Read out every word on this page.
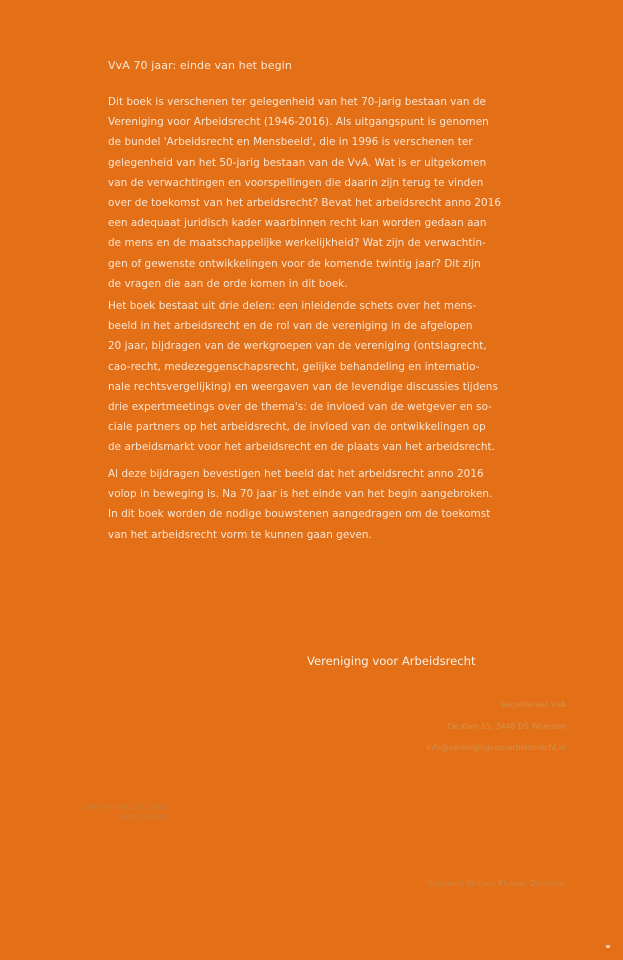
VvA 70 jaar: einde van het begin

Dit boek is verschenen ter gelegenheid van het 70-jarig bestaan van de
Vereniging voor Arbeidsrecht (1946-2016). Als uitgangspunt is genomen
de bundel 'Arbeidsrecht en Mensbeeld', die in 1996 is verschenen ter
gelegenheid van het 50-jarig bestaan van de VvA. Wat is er uitgekomen
van de verwachtingen en voorspellingen die daarin zijn terug te vinden
over de toekomst van het arbeidsrecht? Bevat het arbeidsrecht anno 2016
een adequaat juridisch kader waarbinnen recht kan worden gedaan aan
de mens en de maatschappelijke werkelijkheid? Wat zijn de verwachtin-
gen of gewenste ontwikkelingen voor de komende twintig jaar? Dit zijn
de vragen die aan de orde komen in dit boek.

Het boek bestaat uit drie delen: een inleidende schets over het mens-
beeld in het arbeidsrecht en de rol van de vereniging in de afgelopen
20 jaar, bijdragen van de werkgroepen van de vereniging (ontslagrecht,
cao-recht, medezeggenschapsrecht, gelijke behandeling en internatio-
nale rechtsvergelijking) en weergaven van de levendige discussies tijdens
drie expertmeetings over de thema's: de invloed van de wetgever en so-
ciale partners op het arbeidsrecht, de invloed van de ontwikkelingen op
de arbeidsmarkt voor het arbeidsrecht en de plaats van het arbeidsrecht.

Al deze bijdragen bevestigen het beeld dat het arbeidsrecht anno 2016
volop in beweging is. Na 70 jaar is het einde van het begin aangebroken.
In dit boek worden de nodige bouwstenen aangedragen om de toekomst
van het arbeidsrecht vorm te kunnen gaan geven.

Vereniging voor Arbeidsrecht
Secretariaat VvA
De Kam 15, 3448 DS Woerden
info@verenigingvoorarbeidsrecht.nl
ISBN: 978 90 13 137342
NUR: 825 032

Uitgeverij Wolters Kluwer, Deventer
